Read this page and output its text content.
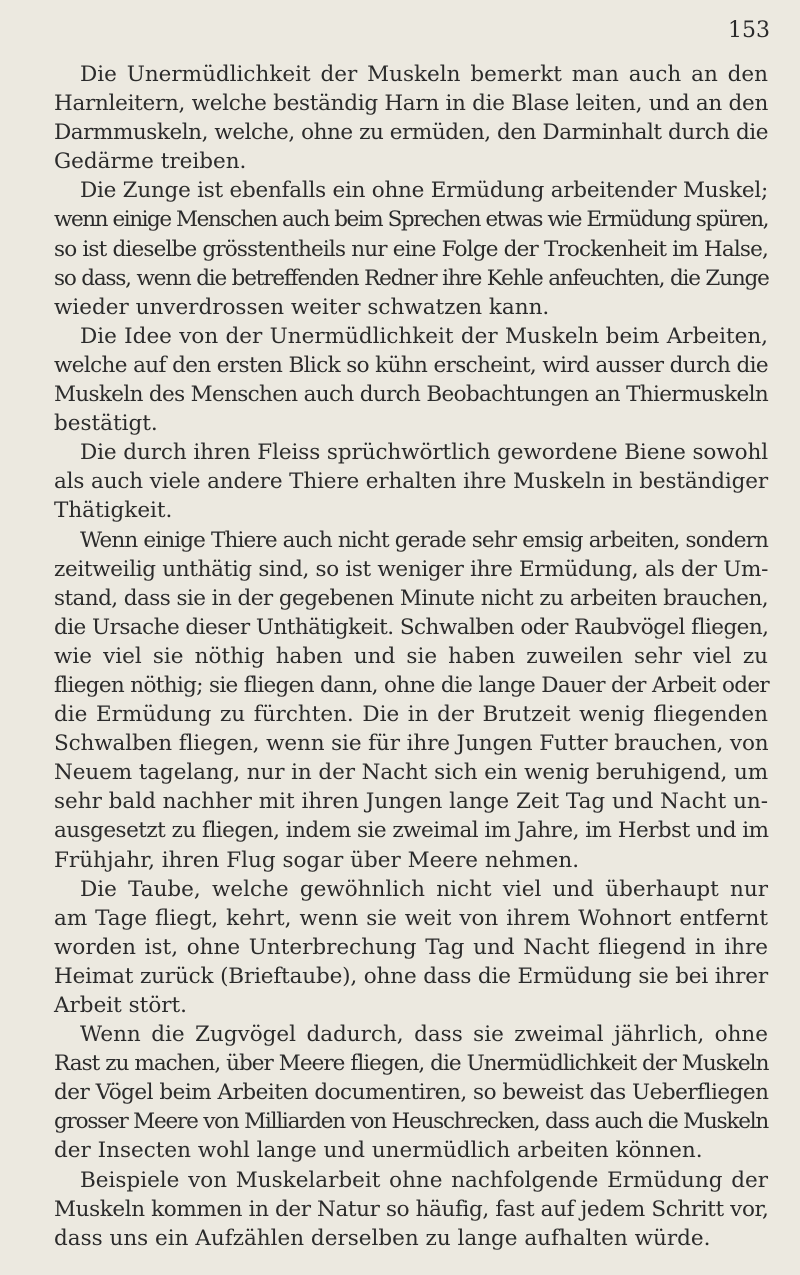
153

Die Unermüdlichkeit der Muskeln bemerkt man auch an den
Harnleitern, welche beständig Harn in die Blase leiten, und an den
Darmmuskeln, welche, ohne zu ermüden, den Darminhalt durch die
Gedärme treiben.

Die Zunge ist ebenfalls ein ohne Ermüdung arbeitender Muskel;
wenn einige Menschen auch beim Sprechen etwas wie Ermüdung spüren,
so ist dieselbe grösstentheils nur eine Folge der Trockenheit im Halse,
so dass, wenn die betreffenden Redner ihre Kehle anfeuchten, die Zunge
wieder unverdrossen weiter schwatzen kann.

Die Idee von der Unermüdlichkeit der Muskeln beim Arbeiten,
welche auf den ersten Blick so kühn erscheint, wird ausser durch die
Muskeln des Menschen auch durch Beobachtungen an Thiermuskeln
bestätigt.

Die durch ihren Fleiss sprüchwörtlich gewordene Biene sowohl
als auch viele andere Thiere erhalten ihre Muskeln in beständiger
Thätigkeit.

Wenn einige Thiere auch nicht gerade sehr emsig arbeiten, sondern
zeitweilig unthätig sind, so ist weniger ihre Ermüdung, als der Um-
stand, dass sie in der gegebenen Minute nicht zu arbeiten brauchen,
die Ursache dieser Unthätigkeit. Schwalben oder Raubvögel fliegen,
wie viel sie nöthig haben und sie haben zuweilen sehr viel zu
fliegen nöthig; sie fliegen dann, ohne die lange Dauer der Arbeit oder
die Ermüdung zu fürchten. Die in der Brutzeit wenig fliegenden
Schwalben fliegen, wenn sie für ihre Jungen Futter brauchen, von
Neuem tagelang, nur in der Nacht sich ein wenig beruhigend, um
sehr bald nachher mit ihren Jungen lange Zeit Tag und Nacht un-
ausgesetzt zu fliegen, indem sie zweimal im Jahre, im Herbst und im
Frühjahr, ihren Flug sogar über Meere nehmen.

Die Taube, welche gewöhnlich nicht viel und überhaupt nur
am Tage fliegt, kehrt, wenn sie weit von ihrem Wohnort entfernt
worden ist, ohne Unterbrechung Tag und Nacht fliegend in ihre
Heimat zurück (Brieftaube), ohne dass die Ermüdung sie bei ihrer
Arbeit stört.

Wenn die Zugvögel dadurch, dass sie zweimal jährlich, ohne
Rast zu machen, über Meere fliegen, die Unermüdlichkeit der Muskeln
der Vögel beim Arbeiten documentiren, so beweist das Ueberfliegen
grosser Meere von Milliarden von Heuschrecken, dass auch die Muskeln
der Insecten wohl lange und unermüdlich arbeiten können.

Beispiele von Muskelarbeit ohne nachfolgende Ermüdung der
Muskeln kommen in der Natur so häufig, fast auf jedem Schritt vor,
dass uns ein Aufzählen derselben zu lange aufhalten würde.
